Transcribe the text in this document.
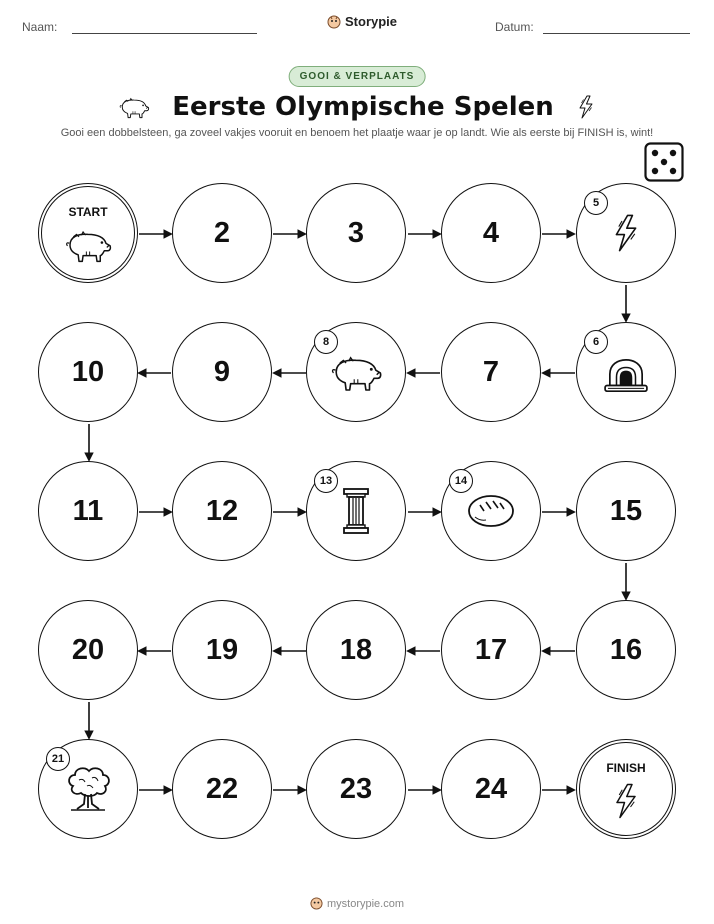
Naam:	Storypie	Datum:
GOOI & VERPLAATS
Eerste Olympische Spelen
Gooi een dobbelsteen, ga zoveel vakjes vooruit en benoem het plaatje waar je op landt. Wie als eerste bij FINISH is, wint!
START
2	3	4
5
10	9
8
7
6
11	12
13	14
15
20	19	18	17	16
21
22	23	24
FINISH
mystorypie.com
